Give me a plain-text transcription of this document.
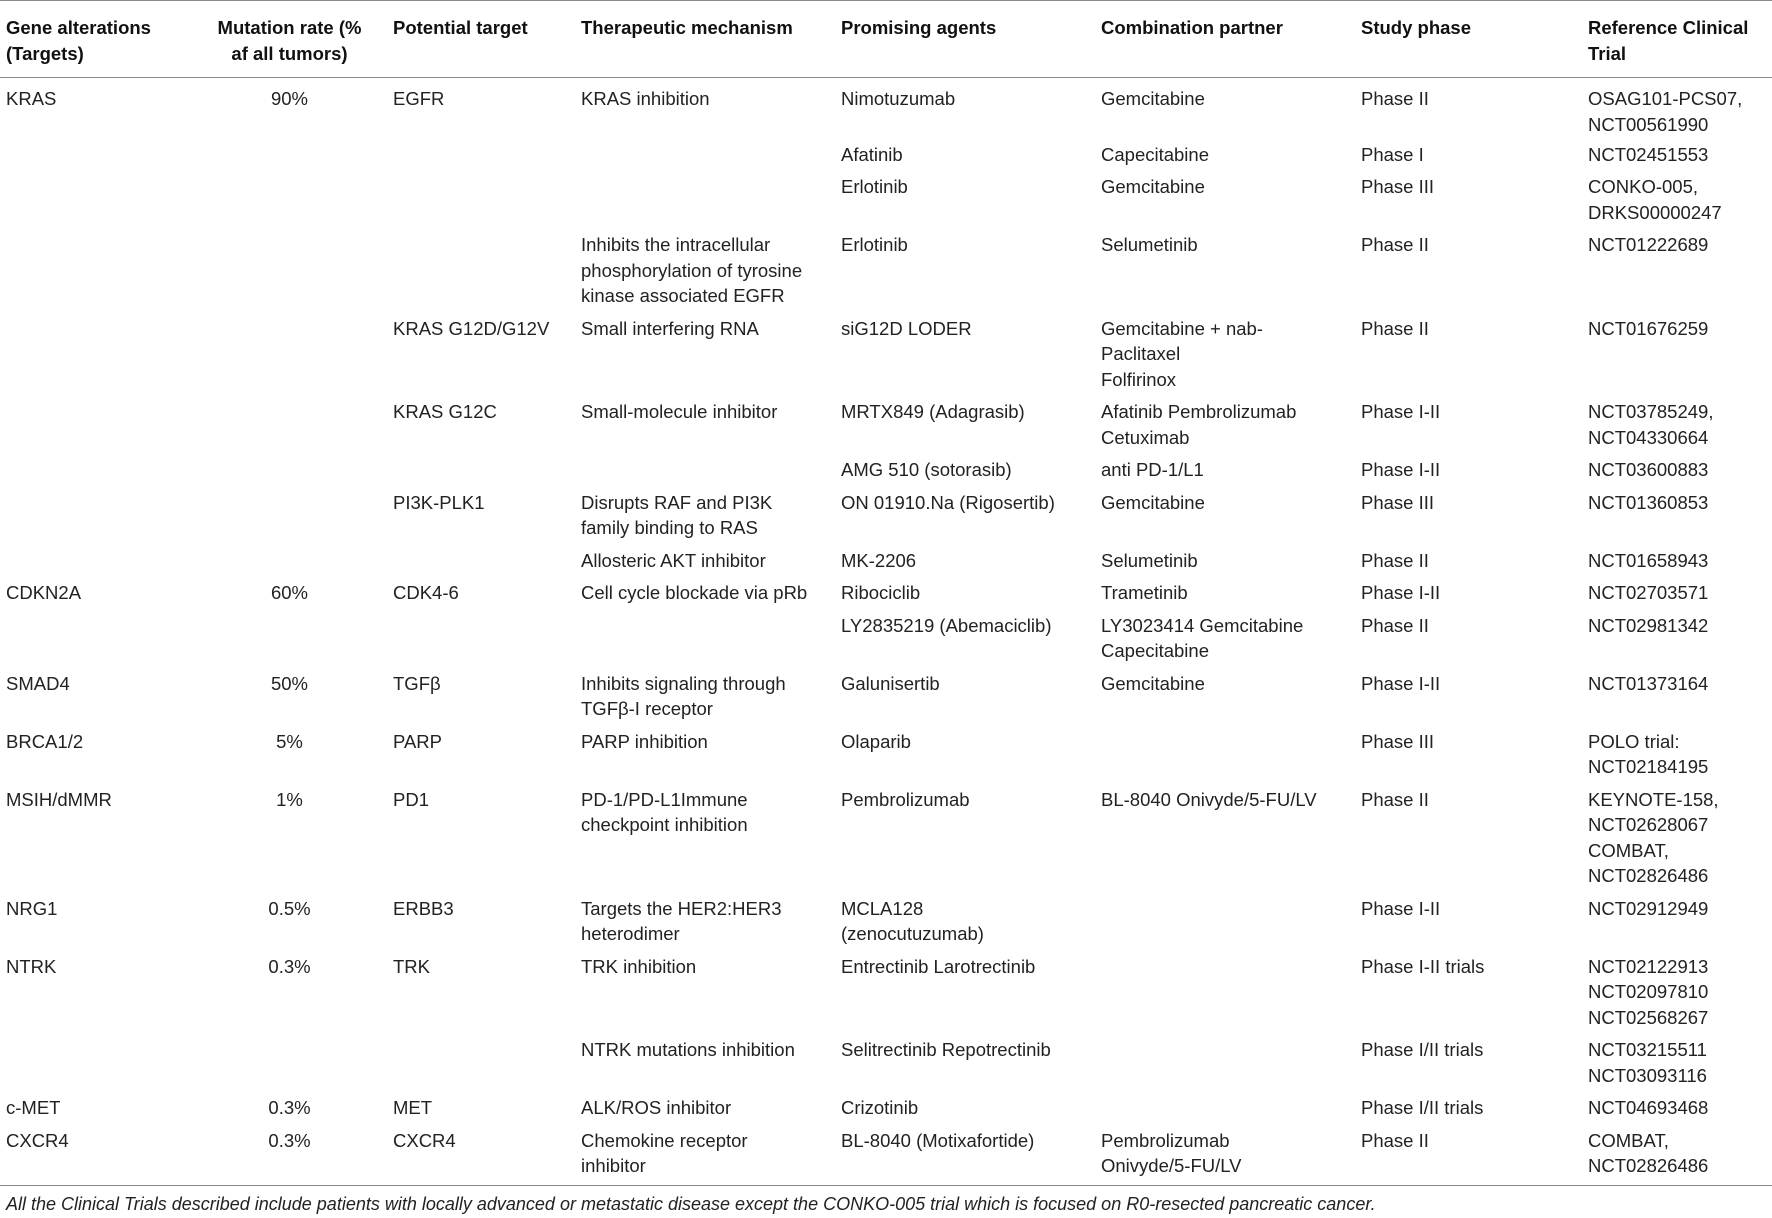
Gene alterations
(Targets)	Mutation rate (%
af all tumors)	Potential target	Therapeutic mechanism	Promising agents	Combination partner	Study phase	Reference Clinical
Trial
KRAS	90%	EGFR	KRAS inhibition	Nimotuzumab	Gemcitabine	Phase II	OSAG101-PCS07,
NCT00561990
				Afatinib	Capecitabine	Phase I	NCT02451553
				Erlotinib	Gemcitabine	Phase III	CONKO-005,
DRKS00000247
			Inhibits the intracellular
phosphorylation of tyrosine
kinase associated EGFR	Erlotinib	Selumetinib	Phase II	NCT01222689
		KRAS G12D/G12V	Small interfering RNA	siG12D LODER	Gemcitabine + nab-
Paclitaxel
Folfirinox	Phase II	NCT01676259
		KRAS G12C	Small-molecule inhibitor	MRTX849 (Adagrasib)	Afatinib Pembrolizumab
Cetuximab	Phase I-II	NCT03785249,
NCT04330664
				AMG 510 (sotorasib)	anti PD-1/L1	Phase I-II	NCT03600883
		PI3K-PLK1	Disrupts RAF and PI3K
family binding to RAS	ON 01910.Na (Rigosertib)	Gemcitabine	Phase III	NCT01360853
			Allosteric AKT inhibitor	MK-2206	Selumetinib	Phase II	NCT01658943
CDKN2A	60%	CDK4-6	Cell cycle blockade via pRb	Ribociclib	Trametinib	Phase I-II	NCT02703571
				LY2835219 (Abemaciclib)	LY3023414 Gemcitabine
Capecitabine	Phase II	NCT02981342
SMAD4	50%	TGFβ	Inhibits signaling through
TGFβ-I receptor	Galunisertib	Gemcitabine	Phase I-II	NCT01373164
BRCA1/2	5%	PARP	PARP inhibition	Olaparib		Phase III	POLO trial:
NCT02184195
MSIH/dMMR	1%	PD1	PD-1/PD-L1Immune
checkpoint inhibition	Pembrolizumab	BL-8040 Onivyde/5-FU/LV	Phase II	KEYNOTE-158,
NCT02628067
COMBAT,
NCT02826486
NRG1	0.5%	ERBB3	Targets the HER2:HER3
heterodimer	MCLA128
(zenocutuzumab)		Phase I-II	NCT02912949
NTRK	0.3%	TRK	TRK inhibition	Entrectinib Larotrectinib		Phase I-II trials	NCT02122913
NCT02097810
NCT02568267
			NTRK mutations inhibition	Selitrectinib Repotrectinib		Phase I/II trials	NCT03215511
NCT03093116
c-MET	0.3%	MET	ALK/ROS inhibitor	Crizotinib		Phase I/II trials	NCT04693468
CXCR4	0.3%	CXCR4	Chemokine receptor
inhibitor	BL-8040 (Motixafortide)	Pembrolizumab
Onivyde/5-FU/LV	Phase II	COMBAT,
NCT02826486
All the Clinical Trials described include patients with locally advanced or metastatic disease except the CONKO-005 trial which is focused on R0-resected pancreatic cancer.							
